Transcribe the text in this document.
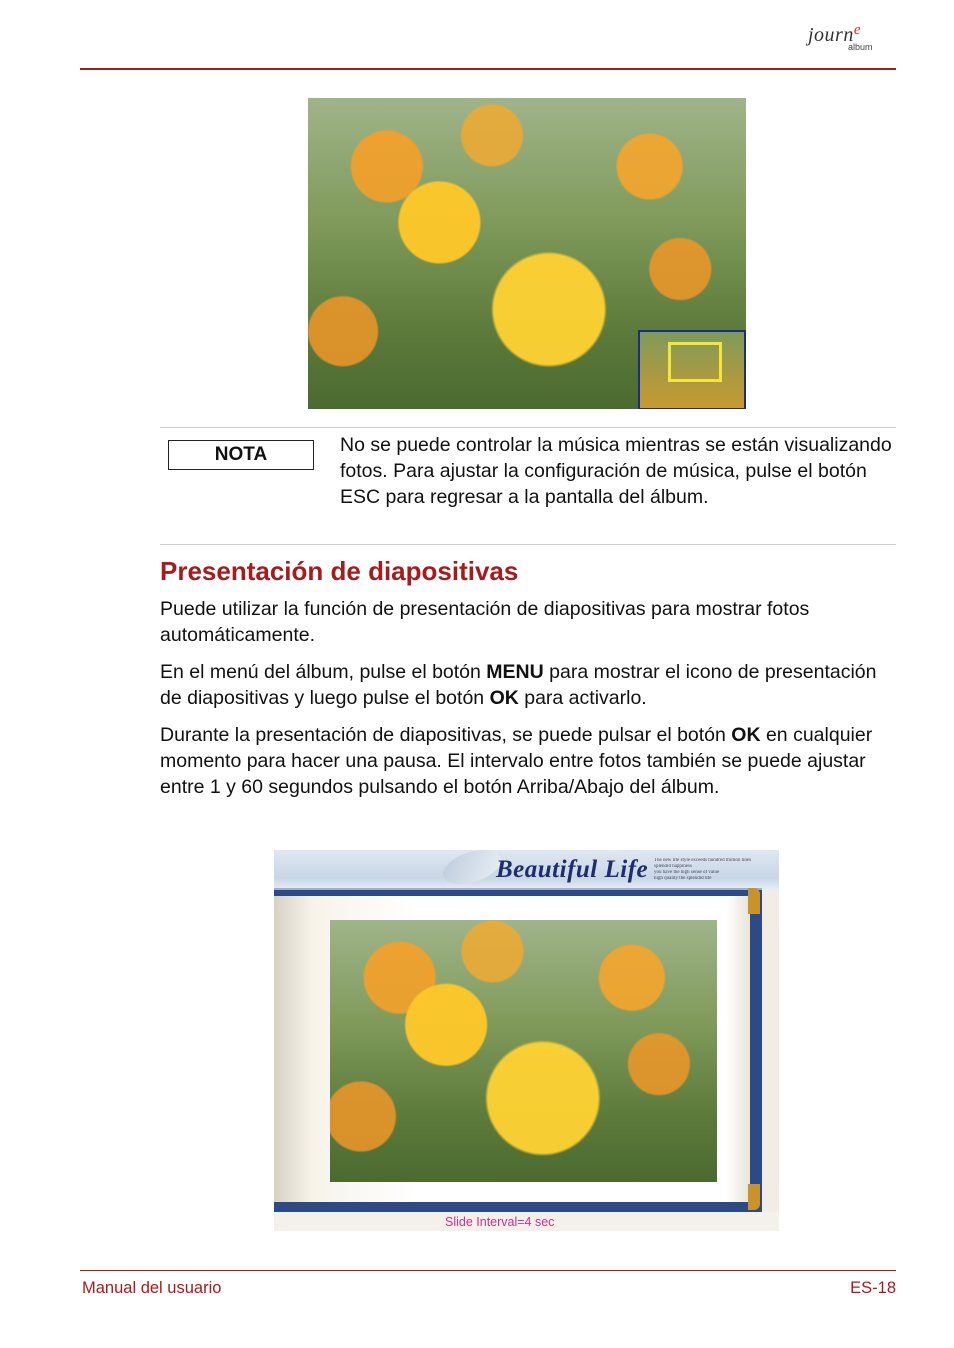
journ$^e$
album
NOTA	No se puede controlar la música mientras se están visualizando fotos. Para ajustar la configuración de música, pulse el botón ESC para regresar a la pantalla del álbum.
Presentación de diapositivas
Puede utilizar la función de presentación de diapositivas para mostrar fotos automáticamente.
En el menú del álbum, pulse el botón MENU para mostrar el icono de presentación de diapositivas y luego pulse el botón OK para activarlo.
Durante la presentación de diapositivas, se puede pulsar el botón OK en cualquier momento para hacer una pausa. El intervalo entre fotos también se puede ajustar entre 1 y 60 segundos pulsando el botón Arriba/Abajo del álbum.
Beautiful Life The new life style exceeds hundred million lines
splendid happiness
you have the high sense of value
high quality the splendid life
Slide Interval=4 sec
Manual del usuario	ES-18
